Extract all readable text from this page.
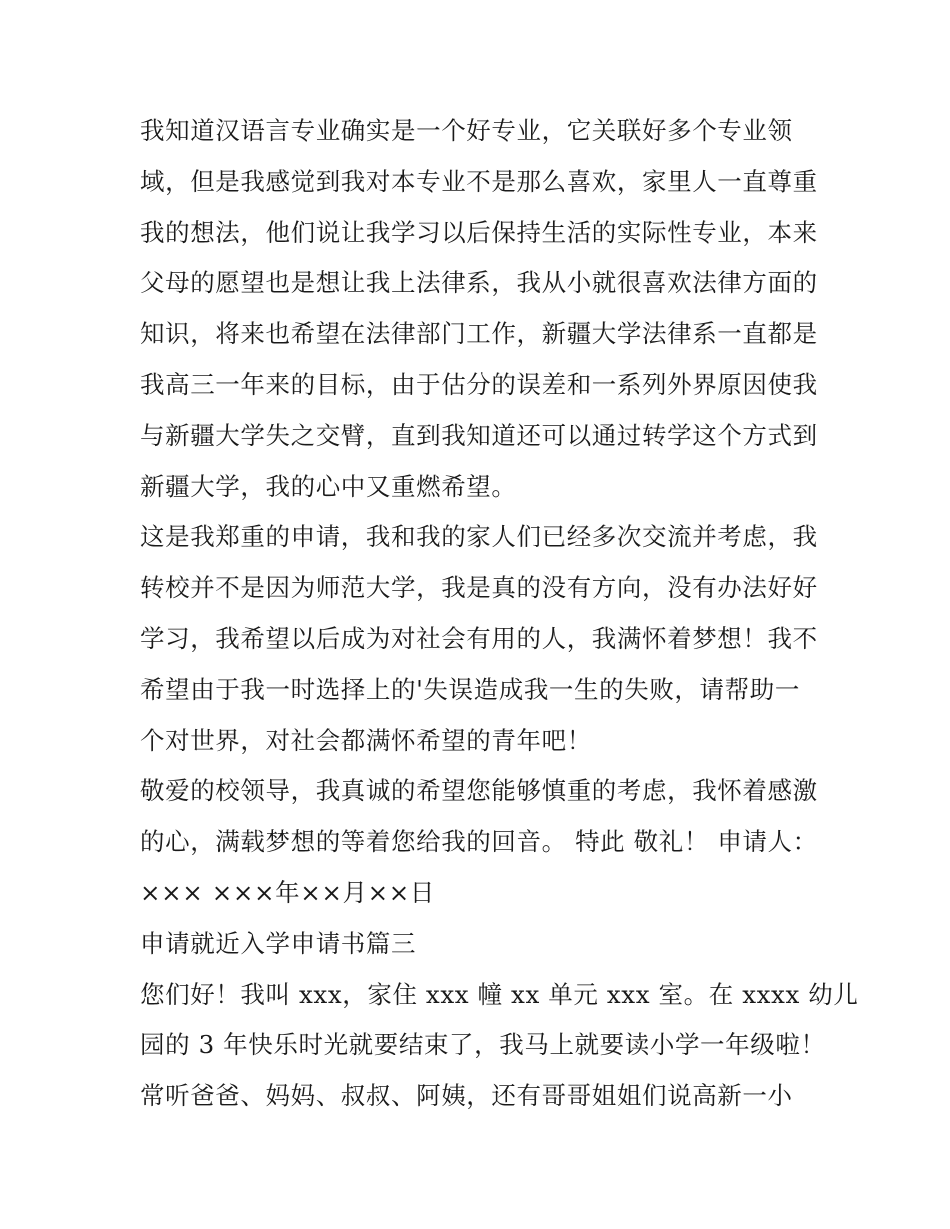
我知道汉语言专业确实是一个好专业，它关联好多个专业领
域，但是我感觉到我对本专业不是那么喜欢，家里人一直尊重
我的想法，他们说让我学习以后保持生活的实际性专业，本来
父母的愿望也是想让我上法律系，我从小就很喜欢法律方面的
知识，将来也希望在法律部门工作，新疆大学法律系一直都是
我高三一年来的目标，由于估分的误差和一系列外界原因使我
与新疆大学失之交臂，直到我知道还可以通过转学这个方式到
新疆大学，我的心中又重燃希望。
这是我郑重的申请，我和我的家人们已经多次交流并考虑，我
转校并不是因为师范大学，我是真的没有方向，没有办法好好
学习，我希望以后成为对社会有用的人，我满怀着梦想！我不
希望由于我一时选择上的'失误造成我一生的失败，请帮助一
个对世界，对社会都满怀希望的青年吧！
敬爱的校领导，我真诚的希望您能够慎重的考虑，我怀着感激
的心，满载梦想的等着您给我的回音。 特此 敬礼！ 申请人：
××× ×××年××月××日
申请就近入学申请书篇三
您们好！我叫 xxx，家住 xxx 幢 xx 单元 xxx 室。在 xxxx 幼儿
园的 3 年快乐时光就要结束了，我马上就要读小学一年级啦！
常听爸爸、妈妈、叔叔、阿姨，还有哥哥姐姐们说高新一小
